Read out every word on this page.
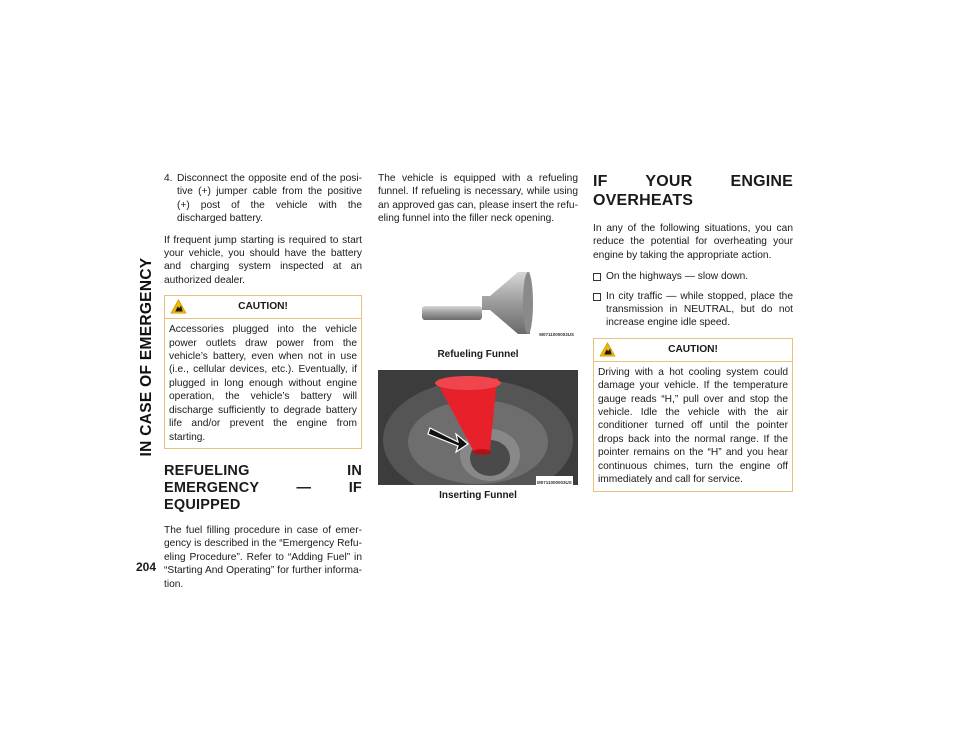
IN CASE OF EMERGENCY
204
4. Disconnect the opposite end of the posi-tive (+) jumper cable from the positive (+) post of the vehicle with the discharged battery.

If frequent jump starting is required to start your vehicle, you should have the battery and charging system inspected at an authorized dealer.

CAUTION!
Accessories plugged into the vehicle power outlets draw power from the vehicle’s battery, even when not in use (i.e., cellular devices, etc.). Eventually, if plugged in long enough without engine operation, the vehicle’s battery will discharge sufficiently to degrade battery life and/or prevent the engine from starting.
REFUELING IN EMERGENCY — IF EQUIPPED

The fuel filling procedure in case of emer-gency is described in the “Emergency Refu-eling Procedure”. Refer to “Adding Fuel” in “Starting And Operating” for further informa-tion.

The vehicle is equipped with a refueling funnel. If refueling is necessary, while using an approved gas can, please insert the refu-eling funnel into the filler neck opening.

M0711000003US
Refueling Funnel
M0711000003US
Inserting Funnel
IF YOUR ENGINE OVERHEATS

In any of the following situations, you can reduce the potential for overheating your engine by taking the appropriate action.

On the highways — slow down.
In city traffic — while stopped, place the transmission in NEUTRAL, but do not increase engine idle speed.
CAUTION!
Driving with a hot cooling system could damage your vehicle. If the temperature gauge reads “H,” pull over and stop the vehicle. Idle the vehicle with the air conditioner turned off until the pointer drops back into the normal range. If the pointer remains on the “H” and you hear continuous chimes, turn the engine off immediately and call for service.
